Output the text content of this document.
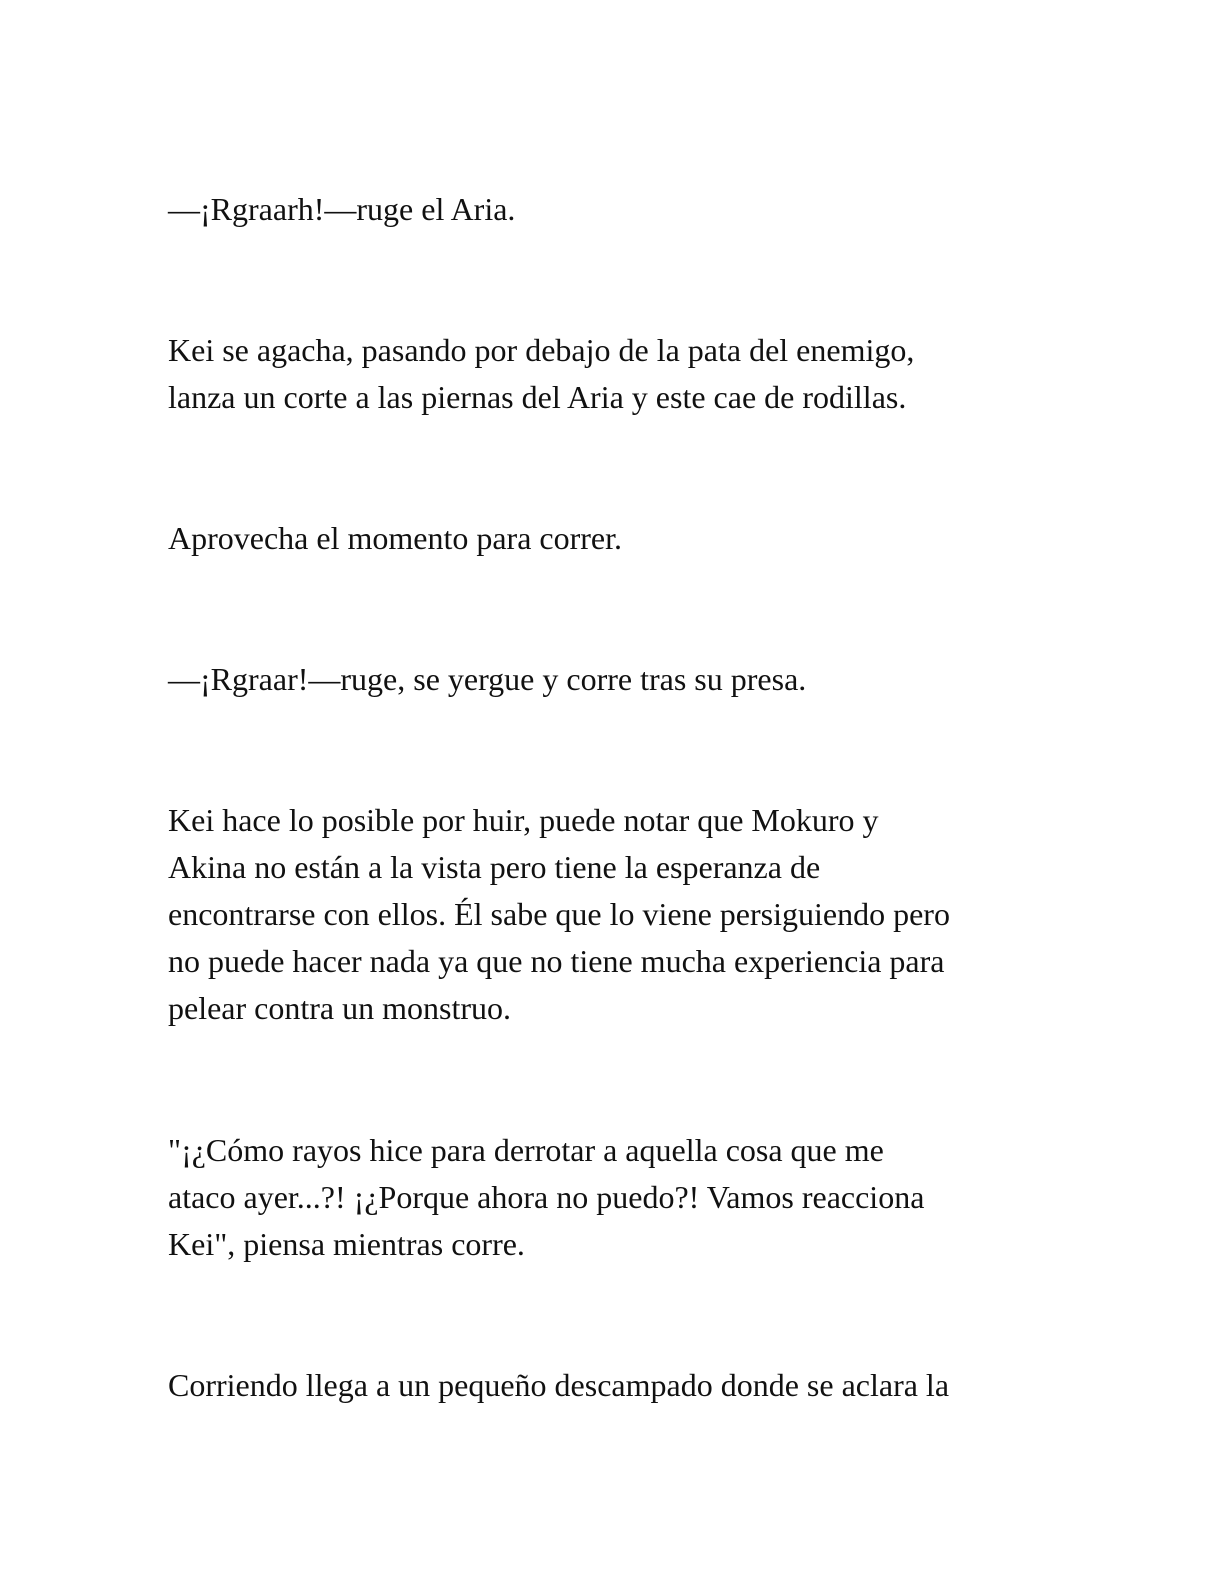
—¡Rgraarh!—ruge el Aria.

Kei se agacha, pasando por debajo de la pata del enemigo,
lanza un corte a las piernas del Aria y este cae de rodillas.

Aprovecha el momento para correr.

—¡Rgraar!—ruge, se yergue y corre tras su presa.

Kei hace lo posible por huir, puede notar que Mokuro y
Akina no están a la vista pero tiene la esperanza de
encontrarse con ellos. Él sabe que lo viene persiguiendo pero
no puede hacer nada ya que no tiene mucha experiencia para
pelear contra un monstruo.

"¡¿Cómo rayos hice para derrotar a aquella cosa que me
ataco ayer...?! ¡¿Porque ahora no puedo?! Vamos reacciona
Kei", piensa mientras corre.

Corriendo llega a un pequeño descampado donde se aclara la
